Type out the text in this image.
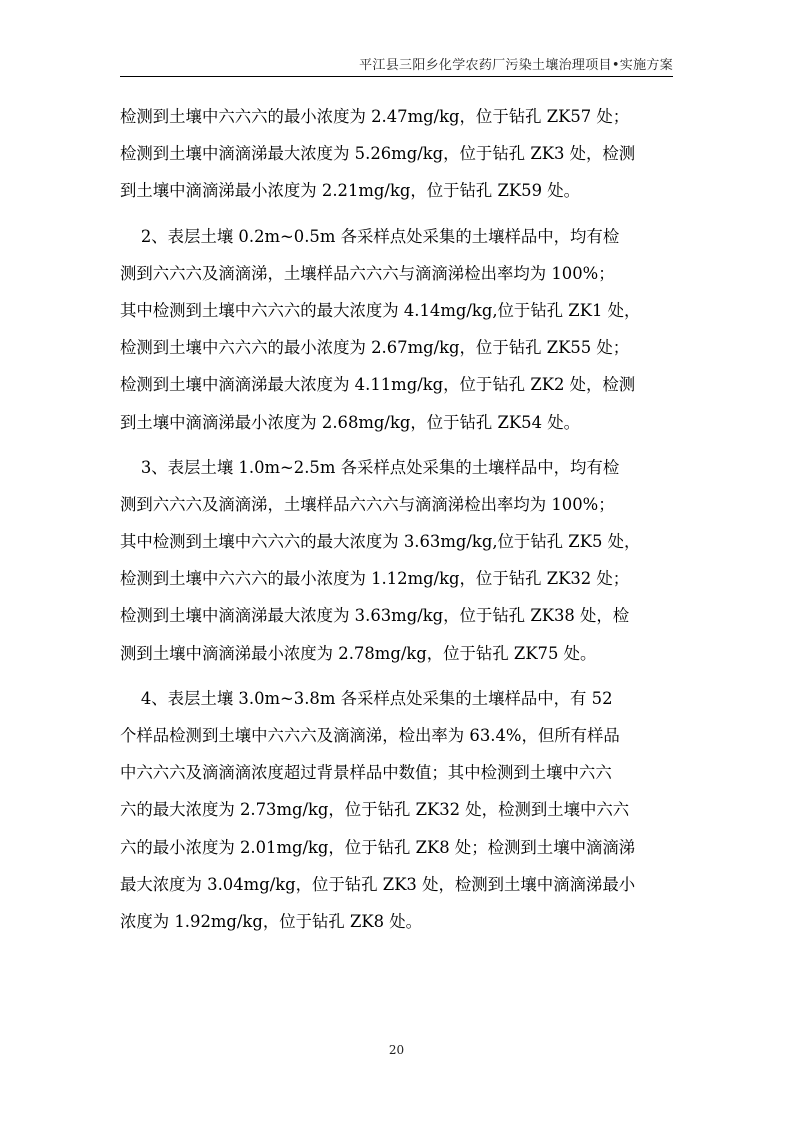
平江县三阳乡化学农药厂污染土壤治理项目•实施方案
检测到土壤中六六六的最小浓度为 2.47mg/kg，位于钻孔 ZK57 处；
检测到土壤中滴滴涕最大浓度为 5.26mg/kg，位于钻孔 ZK3 处，检测
到土壤中滴滴涕最小浓度为 2.21mg/kg，位于钻孔 ZK59 处。
2、表层土壤 0.2m~0.5m 各采样点处采集的土壤样品中，均有检
测到六六六及滴滴涕，土壤样品六六六与滴滴涕检出率均为 100%；
其中检测到土壤中六六六的最大浓度为 4.14mg/kg,位于钻孔 ZK1 处，
检测到土壤中六六六的最小浓度为 2.67mg/kg，位于钻孔 ZK55 处；
检测到土壤中滴滴涕最大浓度为 4.11mg/kg，位于钻孔 ZK2 处，检测
到土壤中滴滴涕最小浓度为 2.68mg/kg，位于钻孔 ZK54 处。
3、表层土壤 1.0m~2.5m 各采样点处采集的土壤样品中，均有检
测到六六六及滴滴涕，土壤样品六六六与滴滴涕检出率均为 100%；
其中检测到土壤中六六六的最大浓度为 3.63mg/kg,位于钻孔 ZK5 处，
检测到土壤中六六六的最小浓度为 1.12mg/kg，位于钻孔 ZK32 处；
检测到土壤中滴滴涕最大浓度为 3.63mg/kg，位于钻孔 ZK38 处，检
测到土壤中滴滴涕最小浓度为 2.78mg/kg，位于钻孔 ZK75 处。
4、表层土壤 3.0m~3.8m 各采样点处采集的土壤样品中，有 52
个样品检测到土壤中六六六及滴滴涕，检出率为 63.4%，但所有样品
中六六六及滴滴滴浓度超过背景样品中数值；其中检测到土壤中六六
六的最大浓度为 2.73mg/kg，位于钻孔 ZK32 处，检测到土壤中六六
六的最小浓度为 2.01mg/kg，位于钻孔 ZK8 处；检测到土壤中滴滴涕
最大浓度为 3.04mg/kg，位于钻孔 ZK3 处，检测到土壤中滴滴涕最小
浓度为 1.92mg/kg，位于钻孔 ZK8 处。
20
